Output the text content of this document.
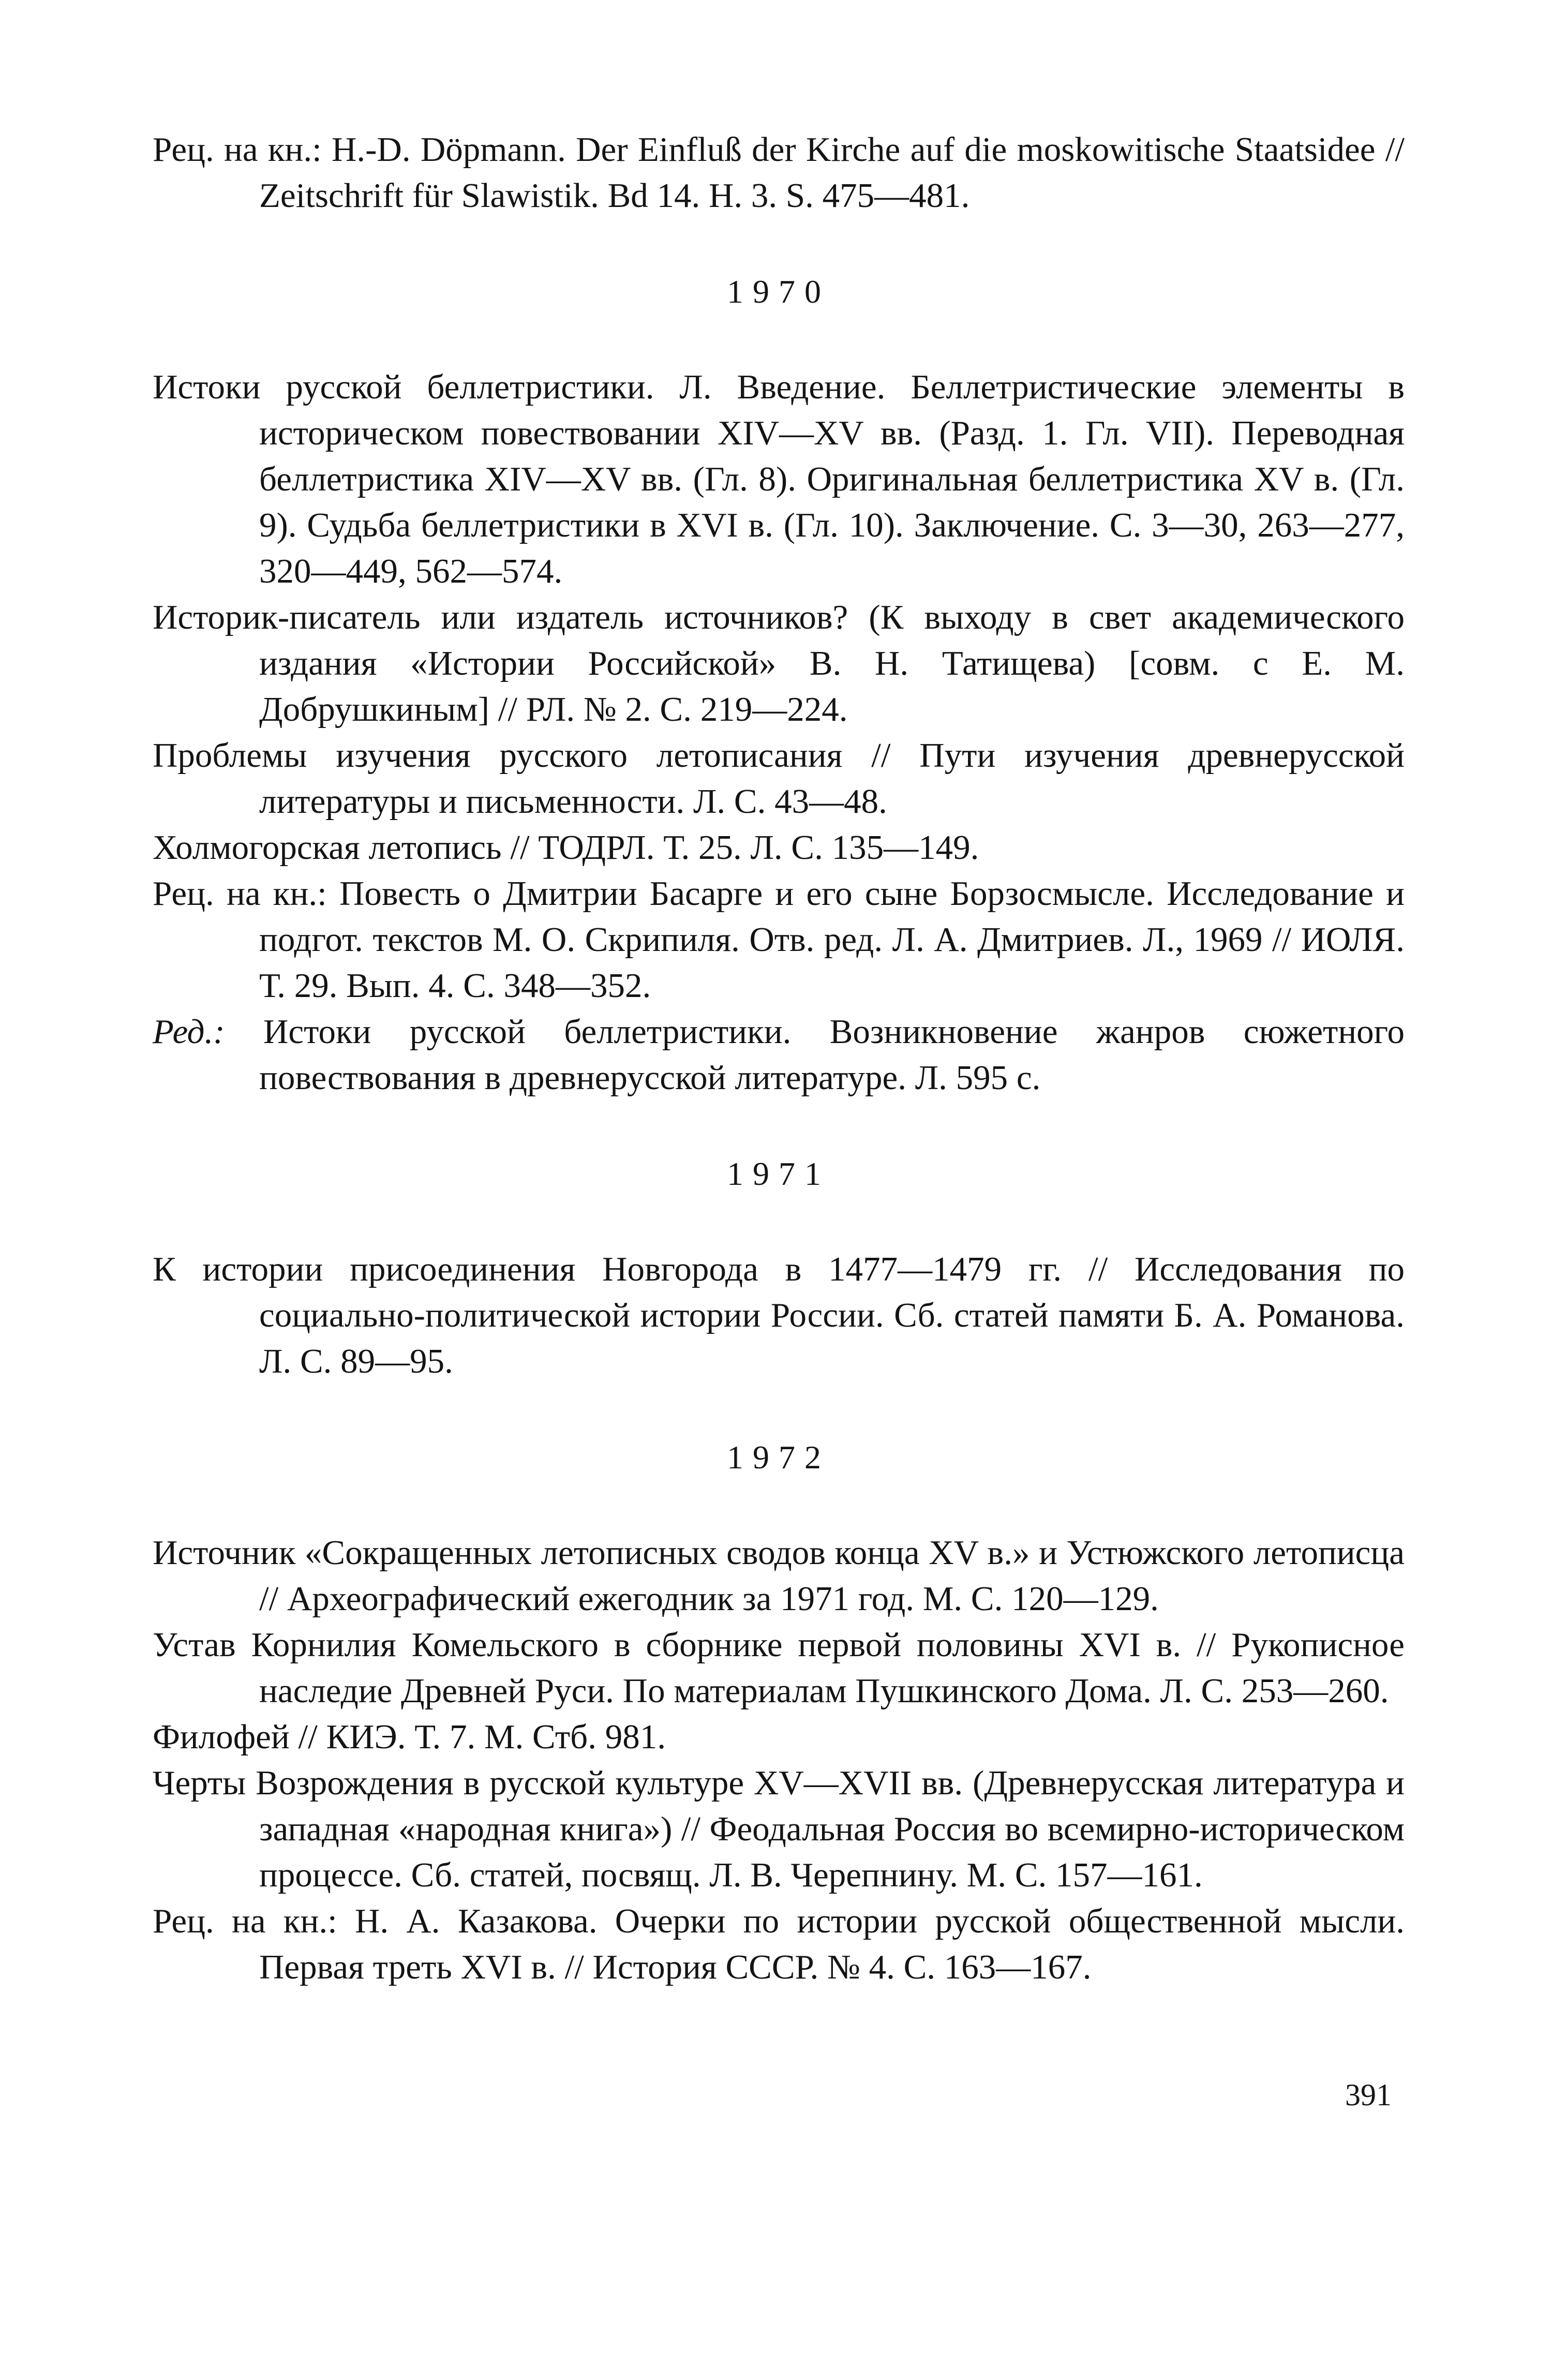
Рец. на кн.: H.-D. Döpmann. Der Einfluß der Kirche auf die moskowitische Staatsidee // Zeitschrift für Slawistik. Bd 14. H. 3. S. 475—481.

1970

Истоки русской беллетристики. Л. Введение. Беллетристические элементы в историческом повествовании XIV—XV вв. (Разд. 1. Гл. VII). Переводная беллетристика XIV—XV вв. (Гл. 8). Оригинальная беллетристика XV в. (Гл. 9). Судьба беллетристики в XVI в. (Гл. 10). Заключение. С. 3—30, 263—277, 320—449, 562—574.

Историк-писатель или издатель источников? (К выходу в свет академического издания «Истории Российской» В. Н. Татищева) [совм. с Е. М. Добрушкиным] // РЛ. № 2. С. 219—224.

Проблемы изучения русского летописания // Пути изучения древнерусской литературы и письменности. Л. С. 43—48.

Холмогорская летопись // ТОДРЛ. Т. 25. Л. С. 135—149.

Рец. на кн.: Повесть о Дмитрии Басарге и его сыне Борзосмысле. Исследование и подгот. текстов М. О. Скрипиля. Отв. ред. Л. А. Дмитриев. Л., 1969 // ИОЛЯ. Т. 29. Вып. 4. С. 348—352.

Ред.: Истоки русской беллетристики. Возникновение жанров сюжетного повествования в древнерусской литературе. Л. 595 с.

1971

К истории присоединения Новгорода в 1477—1479 гг. // Исследования по социально-политической истории России. Сб. статей памяти Б. А. Романова. Л. С. 89—95.

1972

Источник «Сокращенных летописных сводов конца XV в.» и Устюжского летописца // Археографический ежегодник за 1971 год. М. С. 120—129.

Устав Корнилия Комельского в сборнике первой половины XVI в. // Рукописное наследие Древней Руси. По материалам Пушкинского Дома. Л. С. 253—260.

Филофей // КИЭ. Т. 7. М. Стб. 981.

Черты Возрождения в русской культуре XV—XVII вв. (Древнерусская литература и западная «народная книга») // Феодальная Россия во всемирно-историческом процессе. Сб. статей, посвящ. Л. В. Черепнину. М. С. 157—161.

Рец. на кн.: Н. А. Казакова. Очерки по истории русской общественной мысли. Первая треть XVI в. // История СССР. № 4. С. 163—167.

391
